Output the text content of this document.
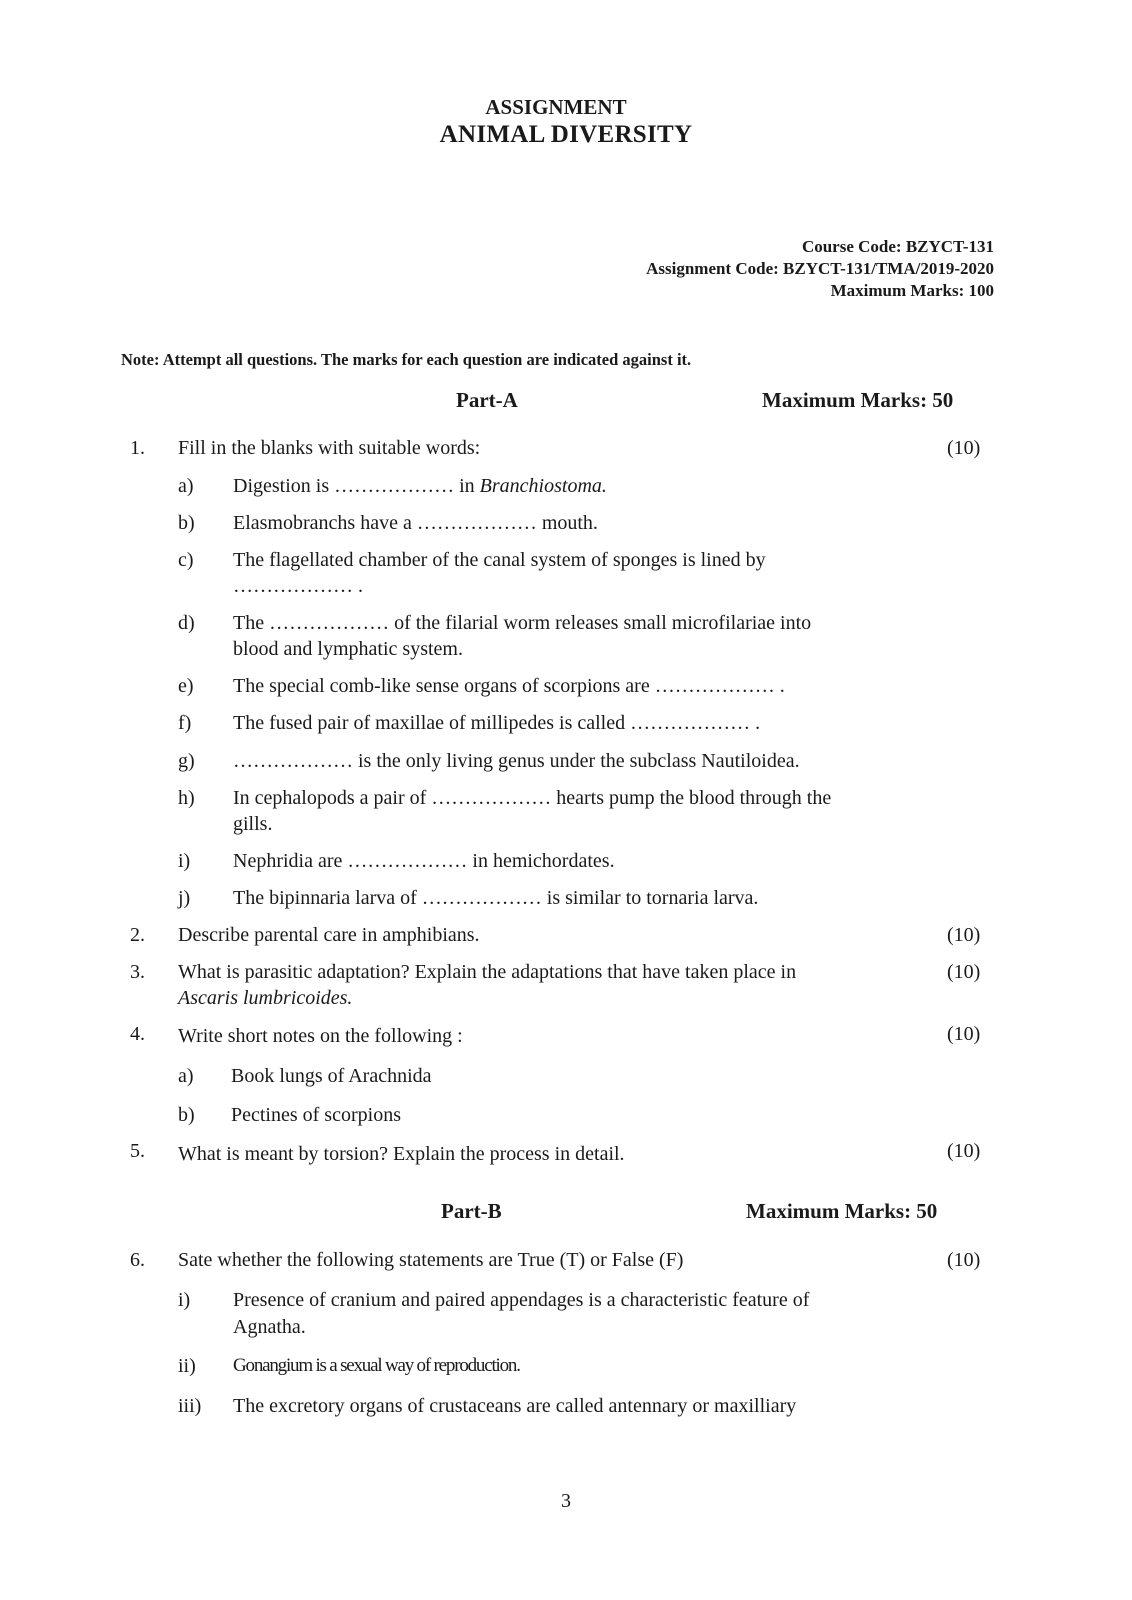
ASSIGNMENT
ANIMAL DIVERSITY
Course Code: BZYCT-131
Assignment Code: BZYCT-131/TMA/2019-2020
Maximum Marks: 100
Note: Attempt all questions. The marks for each question are indicated against it.
Part-A	Maximum Marks: 50
1. Fill in the blanks with suitable words:	(10)
a) Digestion is ……………… in Branchiostoma.
b) Elasmobranchs have a ……………… mouth.
c) The flagellated chamber of the canal system of sponges is lined by
……………… .
d) The ……………… of the filarial worm releases small microfilariae into
blood and lymphatic system.
e) The special comb-like sense organs of scorpions are ……………… .
f) The fused pair of maxillae of millipedes is called ……………… .
g) ……………… is the only living genus under the subclass Nautiloidea.
h) In cephalopods a pair of ……………… hearts pump the blood through the
gills.
i) Nephridia are ……………… in hemichordates.
j) The bipinnaria larva of ……………… is similar to tornaria larva.
2. Describe parental care in amphibians.	(10)
3. What is parasitic adaptation? Explain the adaptations that have taken place in
Ascaris lumbricoides.
(10)
4. Write short notes on the following :	(10)
a) Book lungs of Arachnida
b) Pectines of scorpions
5. What is meant by torsion? Explain the process in detail.	(10)
Part-B	Maximum Marks: 50
6. Sate whether the following statements are True (T) or False (F)	(10)
i) Presence of cranium and paired appendages is a characteristic feature of
Agnatha.
ii) Gonangium is a sexual way of reproduction.
iii) The excretory organs of crustaceans are called antennary or maxilliary
3
